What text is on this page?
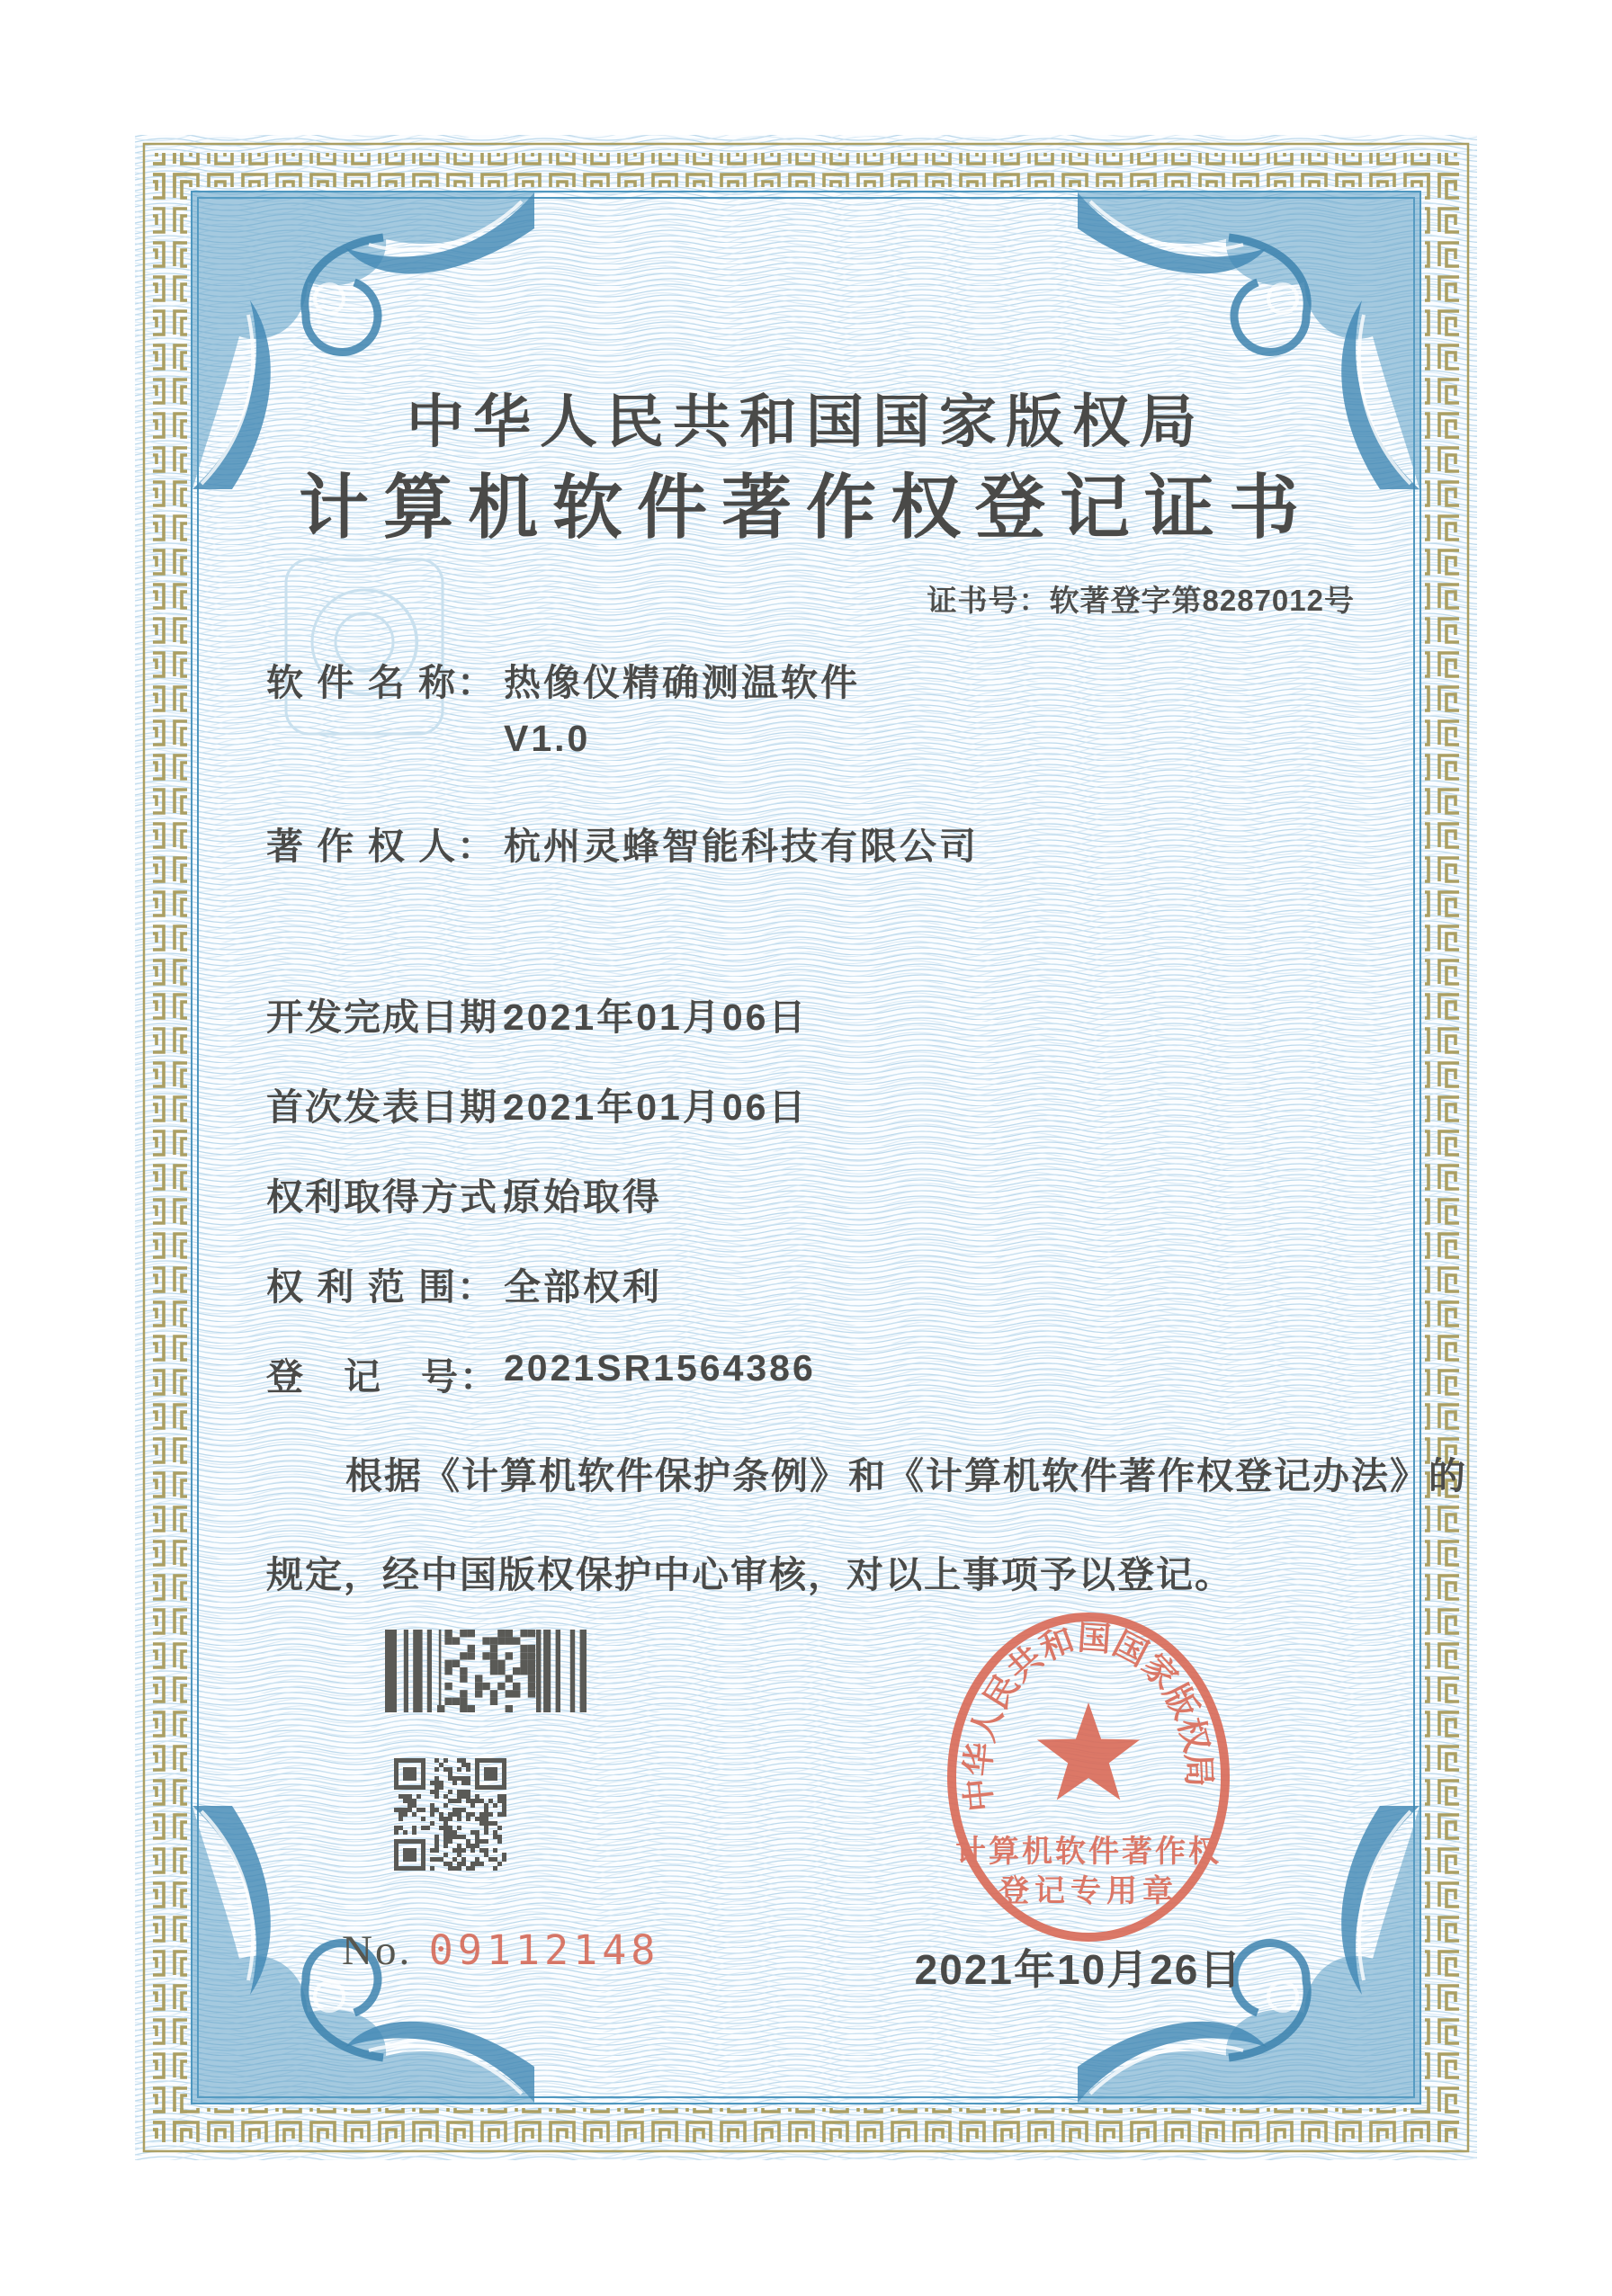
中华人民共和国国家版权局
计算机软件著作权登记证书
证书号：软著登字第8287012号
软 件 名 称： 热像仪精确测温软件
V1.0
著 作 权 人： 杭州灵蜂智能科技有限公司
开发完成日期：
2021年01月06日
首次发表日期：
2021年01月06日
权利取得方式：
原始取得
权 利 范 围： 全部权利
登　记　号： 2021SR1564386
根据《计算机软件保护条例》和《计算机软件著作权登记办法》的
规定，经中国版权保护中心审核，对以上事项予以登记。
No. 09112148
中华人民共和国国家版权局
计算机软件著作权
登记专用章
2021年10月26日
